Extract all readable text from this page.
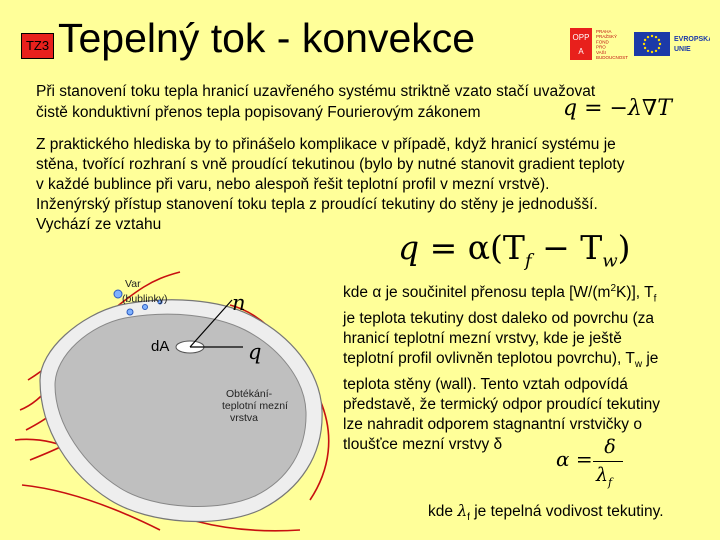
TZ3 Tepelný tok - konvekce	OPP
A
PRAHA
PRAŽSKÝ
FOND
PRO
VAŠI
BUDOUCNOST
EVROPSKÁ
UNIE
Při stanovení toku tepla hranicí uzavřeného systému striktně vzato stačí uvažovat
čistě konduktivní přenos tepla popisovaný Fourierovým zákonem	q = −λ∇T
Z praktického hlediska by to přinášelo komplikace v případě, když hranicí systému je
stěna, tvořící rozhraní s vně proudící tekutinou (bylo by nutné stanovit gradient teploty
v každé bublince při varu, nebo alespoň řešit teplotní profil v mezní vrstvě).
Inženýrský přístup stanovení toku tepla z proudící tekutiny do stěny je jednodušší.
Vychází ze vztahu
$q = \alpha(T_f - T_w)$
Var
(bublinky)
dA
n
q
Obtékání-
teplotní mezní
vrstva
kde α je součinitel přenosu tepla $[W/(m^2K)]$, $T_f$
je teplota tekutiny dost daleko od povrchu (za
hranicí teplotní mezní vrstvy, kde je ještě
teplotní profil ovlivněn teplotou povrchu), $T_w$ je
teplota stěny (wall). Tento vztah odpovídá
představě, že termický odpor proudící tekutiny
lze nahradit odporem stagnantní vrstvičky o
tloušťce mezní vrstvy δ
α = δ
$\lambda_f$
kde $\lambda_f$ je tepelná vodivost tekutiny.
